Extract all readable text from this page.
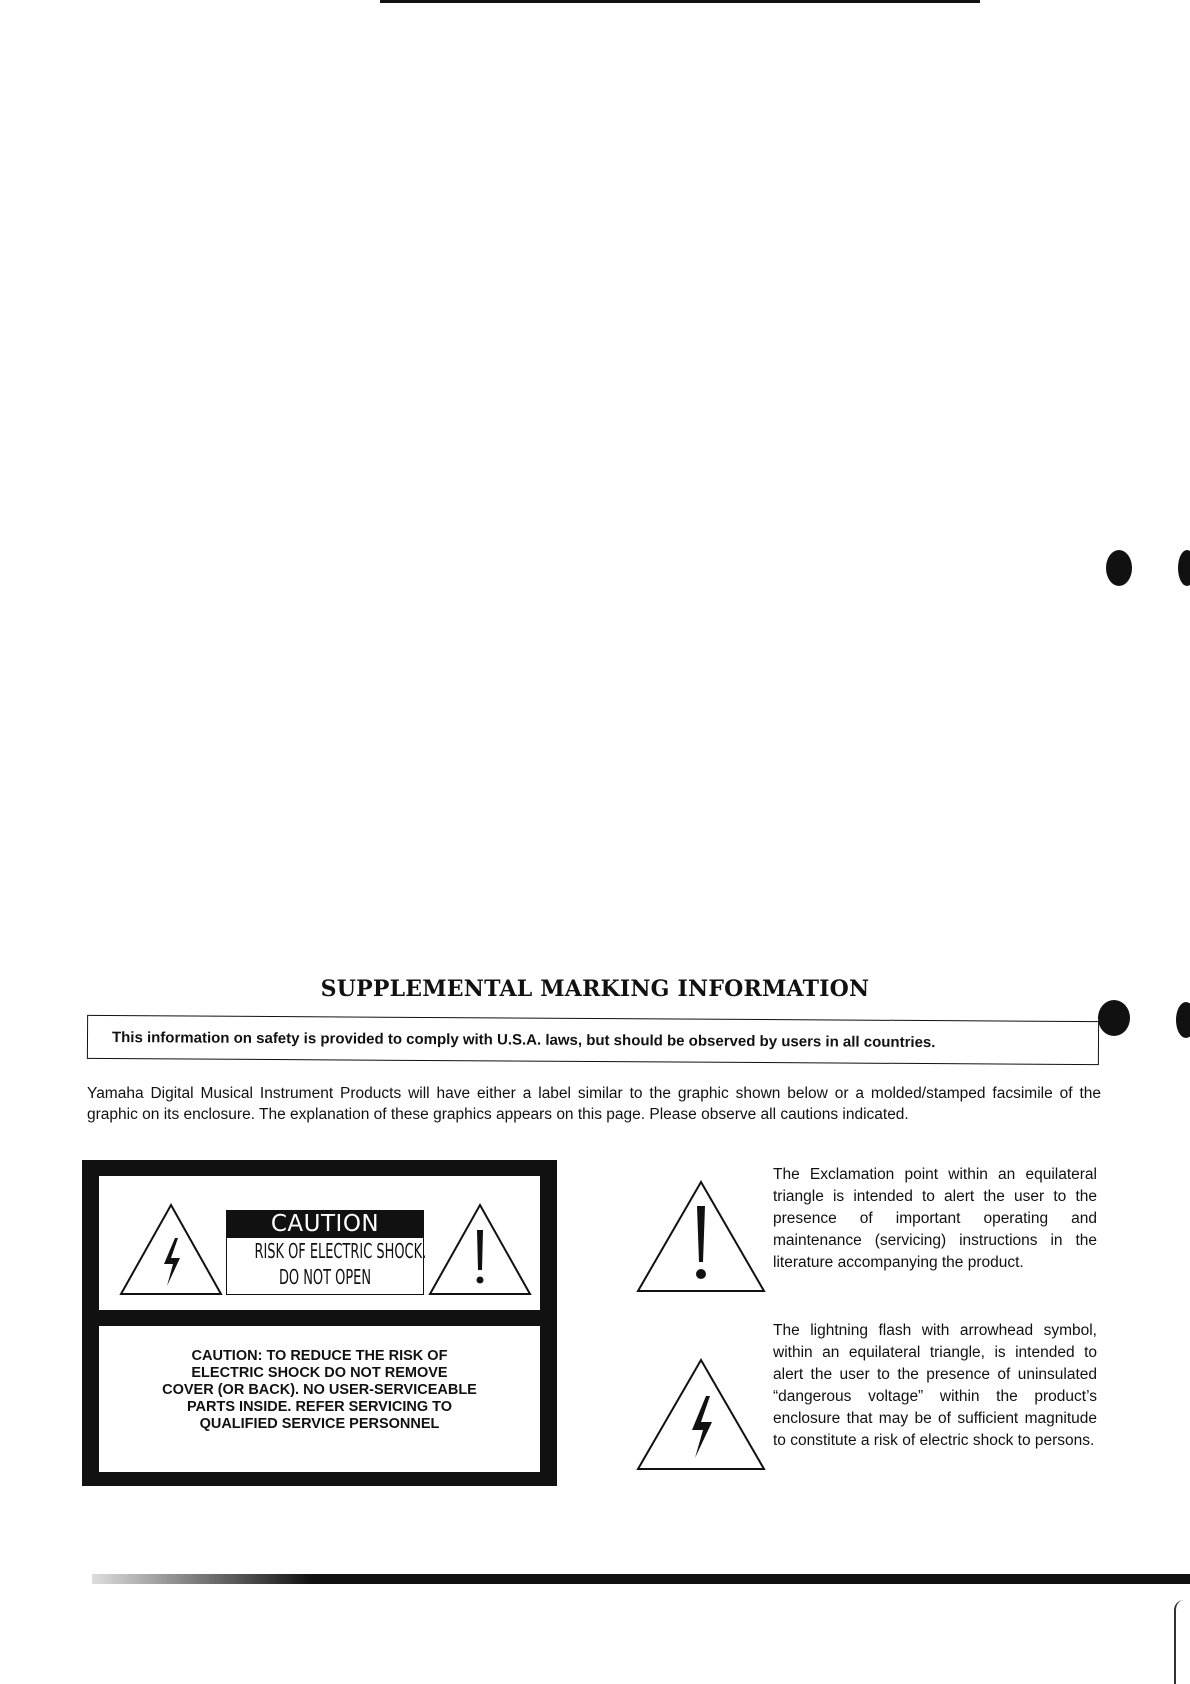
SUPPLEMENTAL MARKING INFORMATION
This information on safety is provided to comply with U.S.A. laws, but should be observed by users in all countries.
Yamaha Digital Musical Instrument Products will have either a label similar to the graphic shown below or a molded/stamped facsimile of the graphic on its enclosure. The explanation of these graphics appears on this page. Please observe all cautions indicated.
CAUTION
RISK OF ELECTRIC SHOCK.
DO NOT OPEN
CAUTION: TO REDUCE THE RISK OF
ELECTRIC SHOCK DO NOT REMOVE
COVER (OR BACK). NO USER-SERVICEABLE
PARTS INSIDE. REFER SERVICING TO
QUALIFIED SERVICE PERSONNEL
The Exclamation point within an equilateral triangle is intended to alert the user to the presence of important operating and maintenance (servicing) instructions in the literature accompanying the product.
The lightning flash with arrowhead symbol, within an equilateral triangle, is intended to alert the user to the presence of uninsulated “dangerous voltage” within the product’s enclosure that may be of sufficient magnitude to constitute a risk of electric shock to persons.
